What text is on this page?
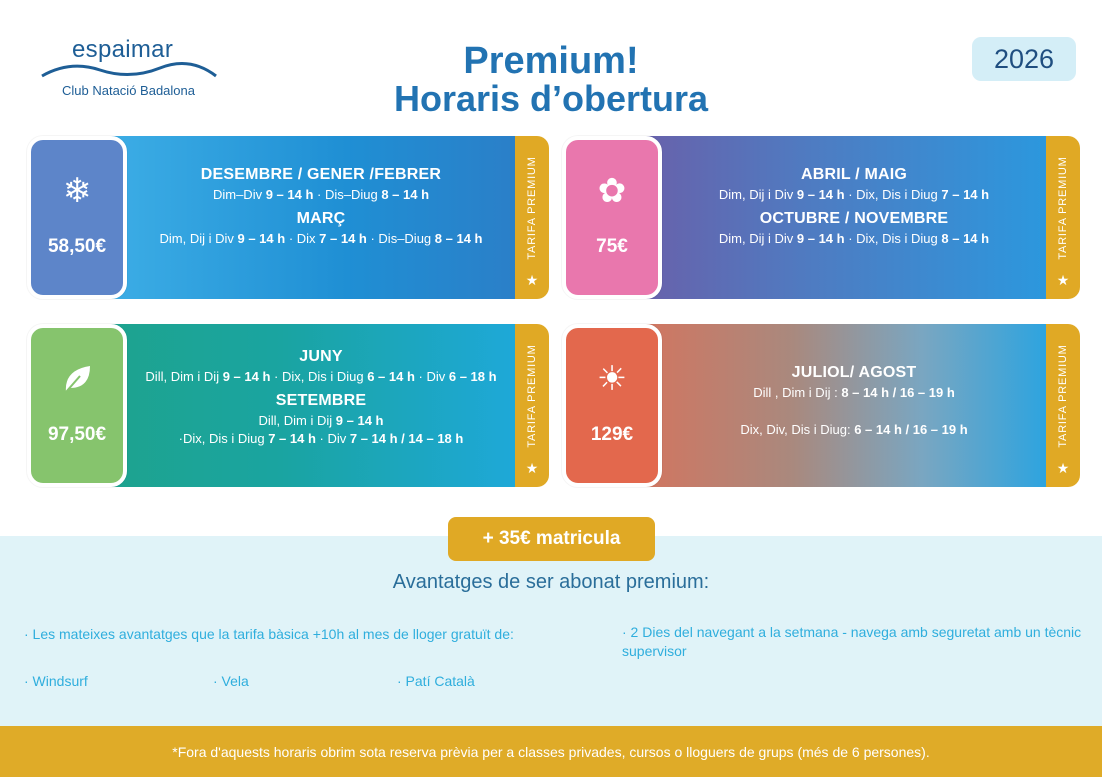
espaimar
Club Natació Badalona
Premium!
Horaris d’obertura
2026
TARIFA PREMIUM
★
❄
58,50€
DESEMBRE / GENER /FEBRER
Dim–Div 9 – 14 h · Dis–Diug 8 – 14 h
MARÇ
Dim, Dij i Div 9 – 14 h · Dix 7 – 14 h · Dis–Diug 8 – 14 h	TARIFA PREMIUM
★
✿
75€
ABRIL / MAIG
Dim, Dij i Div 9 – 14 h · Dix, Dis i Diug 7 – 14 h
OCTUBRE / NOVEMBRE
Dim, Dij i Div 9 – 14 h · Dix, Dis i Diug 8 – 14 h
TARIFA PREMIUM
★
97,50€
JUNY
Dill, Dim i Dij 9 – 14 h · Dix, Dis i Diug 6 – 14 h · Div 6 – 18 h
SETEMBRE
Dill, Dim i Dij 9 – 14 h
·Dix, Dis i Diug 7 – 14 h · Div 7 – 14 h / 14 – 18 h	TARIFA PREMIUM
★
☀
129€
JULIOL/ AGOST
Dill , Dim i Dij : 8 – 14 h / 16 – 19 h
Dix, Div, Dis i Diug: 6 – 14 h / 16 – 19 h
+ 35€ matricula
Avantatges de ser abonat premium:
· Les mateixes avantatges que la tarifa bàsica +10h al mes de lloger gratuït de:	· 2 Dies del navegant a la setmana - navega amb seguretat amb un tècnic supervisor
· Windsurf	· Vela	· Patí Català
*Fora d'aquests horaris obrim sota reserva prèvia per a classes privades, cursos o lloguers de grups (més de 6 persones).
